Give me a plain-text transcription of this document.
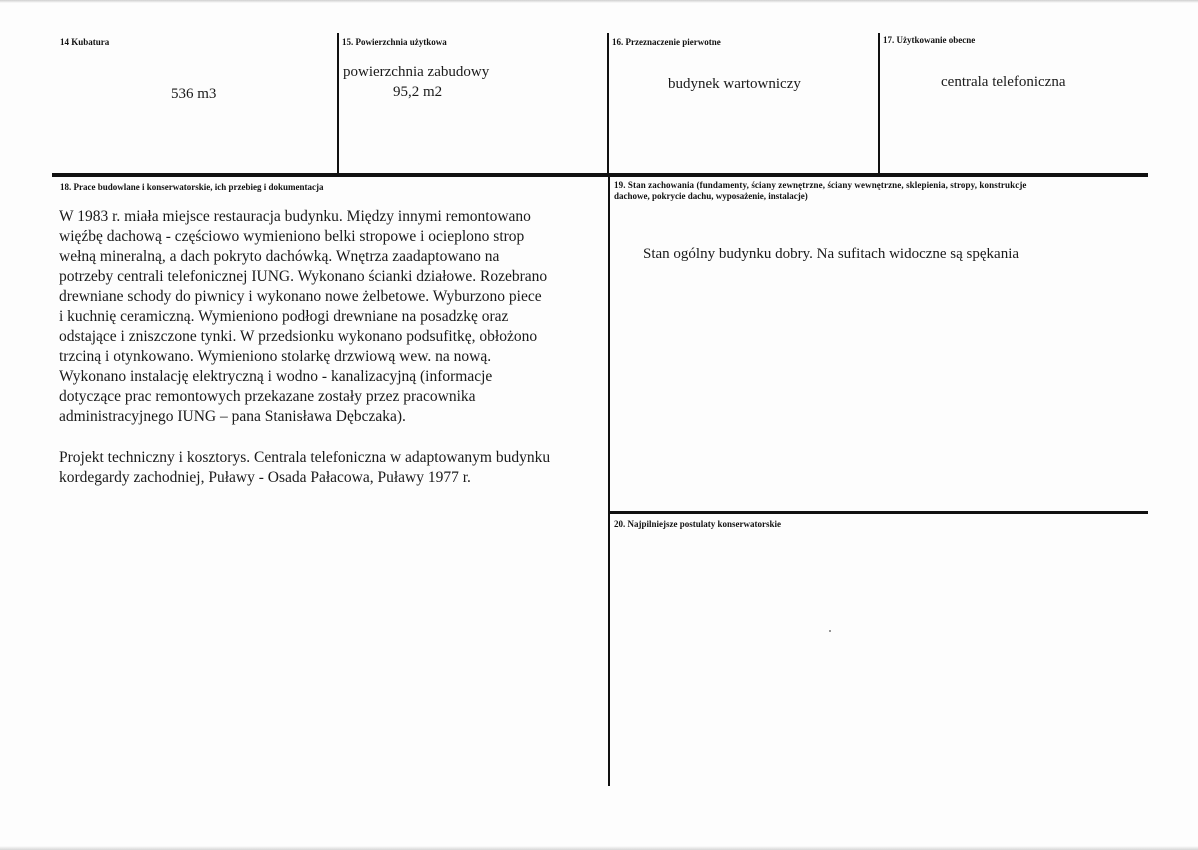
14 Kubatura
536 m3
15. Powierzchnia użytkowa
powierzchnia zabudowy
95,2 m2
16. Przeznaczenie pierwotne
budynek wartowniczy
17. Użytkowanie obecne
centrala telefoniczna
18. Prace budowlane i konserwatorskie, ich przebieg i dokumentacja
W 1983 r. miała miejsce restauracja budynku. Między innymi remontowano
więźbę dachową - częściowo wymieniono belki stropowe i ocieplono strop
wełną mineralną, a dach pokryto dachówką. Wnętrza zaadaptowano na
potrzeby centrali telefonicznej IUNG. Wykonano ścianki działowe. Rozebrano
drewniane schody do piwnicy i wykonano nowe żelbetowe. Wyburzono piece
i kuchnię ceramiczną. Wymieniono podłogi drewniane na posadzkę oraz
odstające i zniszczone tynki. W przedsionku wykonano podsufitkę, obłożono
trzciną i otynkowano. Wymieniono stolarkę drzwiową wew. na nową.
Wykonano instalację elektryczną i wodno - kanalizacyjną (informacje
dotyczące prac remontowych przekazane zostały przez pracownika
administracyjnego IUNG – pana Stanisława Dębczaka).
Projekt techniczny i kosztorys. Centrala telefoniczna w adaptowanym budynku
kordegardy zachodniej, Puławy - Osada Pałacowa, Puławy 1977 r.
19. Stan zachowania (fundamenty, ściany zewnętrzne, ściany wewnętrzne, sklepienia, stropy, konstrukcje
dachowe, pokrycie dachu, wyposażenie, instalacje)
Stan ogólny budynku dobry. Na sufitach widoczne są spękania
20. Najpilniejsze postulaty konserwatorskie
